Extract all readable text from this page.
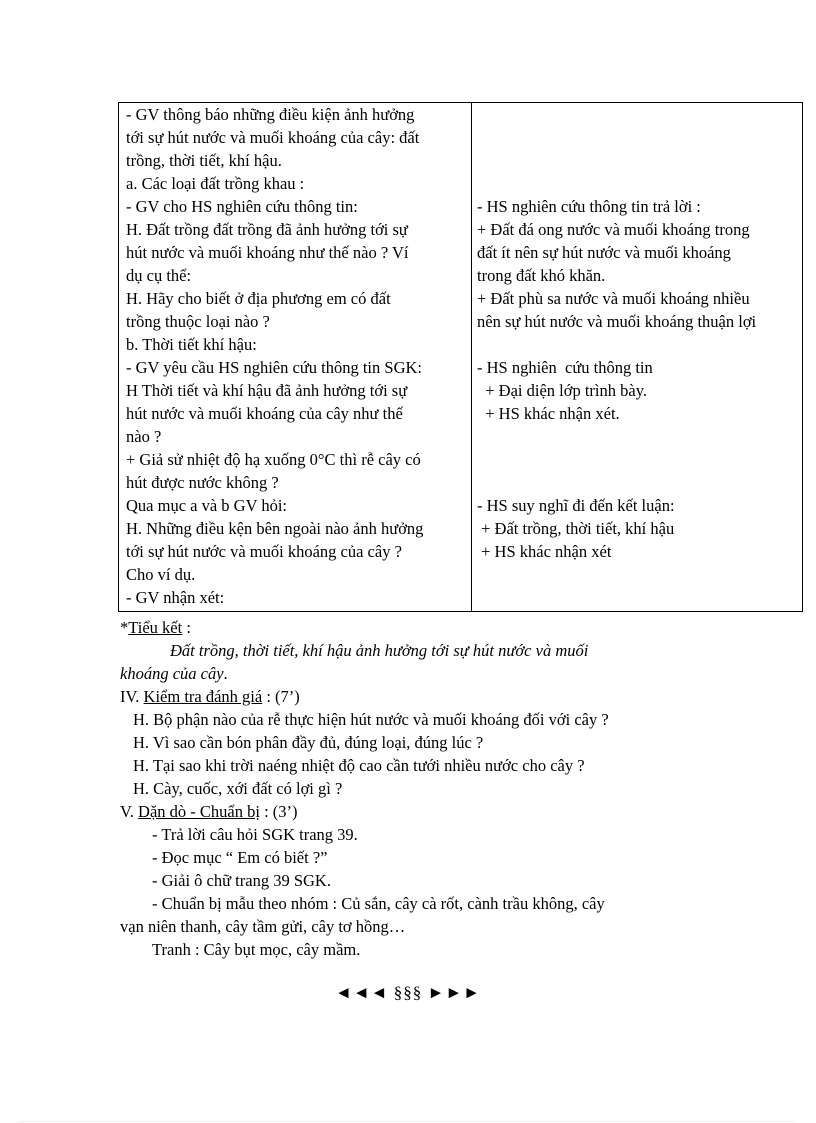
- GV thông báo những điều kiện ảnh hưởng
tới sự hút nước và muối khoáng của cây: đất
trồng, thời tiết, khí hậu.
a. Các loại đất trồng khau :
- GV cho HS nghiên cứu thông tin:
H. Đất trồng đất trồng đã ảnh hưởng tới sự
hút nước và muối khoáng như thế nào ? Ví
dụ cụ thể:
H. Hãy cho biết ở địa phương em có đất
trồng thuộc loại nào ?
b. Thời tiết khí hậu:
- GV yêu cầu HS nghiên cứu thông tin SGK:
H Thời tiết và khí hậu đã ảnh hưởng tới sự
hút nước và muối khoáng của cây như thế
nào ?
+ Giả sử nhiệt độ hạ xuống 0°C thì rễ cây có
hút được nước không ?
Qua mục a và b GV hỏi:
H. Những điều kện bên ngoài nào ảnh hưởng
tới sự hút nước và muối khoáng của cây ?
Cho ví dụ.
- GV nhận xét:
- HS nghiên cứu thông tin trả lời :
+ Đất đá ong nước và muối khoáng trong
đất ít nên sự hút nước và muối khoáng
trong đất khó khăn.
+ Đất phù sa nước và muối khoáng nhiều
nên sự hút nước và muối khoáng thuận lợi
- HS nghiên  cứu thông tin
+ Đại diện lớp trình bày.
+ HS khác nhận xét.
- HS suy nghĩ đi đến kết luận:
+ Đất trồng, thời tiết, khí hậu
+ HS khác nhận xét
*Tiểu kết :
Đất trồng, thời tiết, khí hậu ảnh hưởng tới sự hút nước và muối
khoáng của cây.
IV. Kiểm tra đánh giá : (7’)
H. Bộ phận nào của rễ thực hiện hút nước và muối khoáng đối với cây ?
H. Vì sao cần bón phân đầy đủ, đúng loại, đúng lúc ?
H. Tại sao khi trời naéng nhiệt độ cao cần tưới nhiều nước cho cây ?
H. Cày, cuốc, xới đất có lợi gì ?
V. Dặn dò - Chuẩn bị : (3’)
- Trả lời câu hỏi SGK trang 39.
- Đọc mục “ Em có biết ?”
- Giải ô chữ trang 39 SGK.
- Chuẩn bị mẫu theo nhóm : Củ sắn, cây cà rốt, cành trầu không, cây
vạn niên thanh, cây tầm gửi, cây tơ hồng…
Tranh : Cây bụt mọc, cây mầm.
◄◄◄ §§§ ►►►
